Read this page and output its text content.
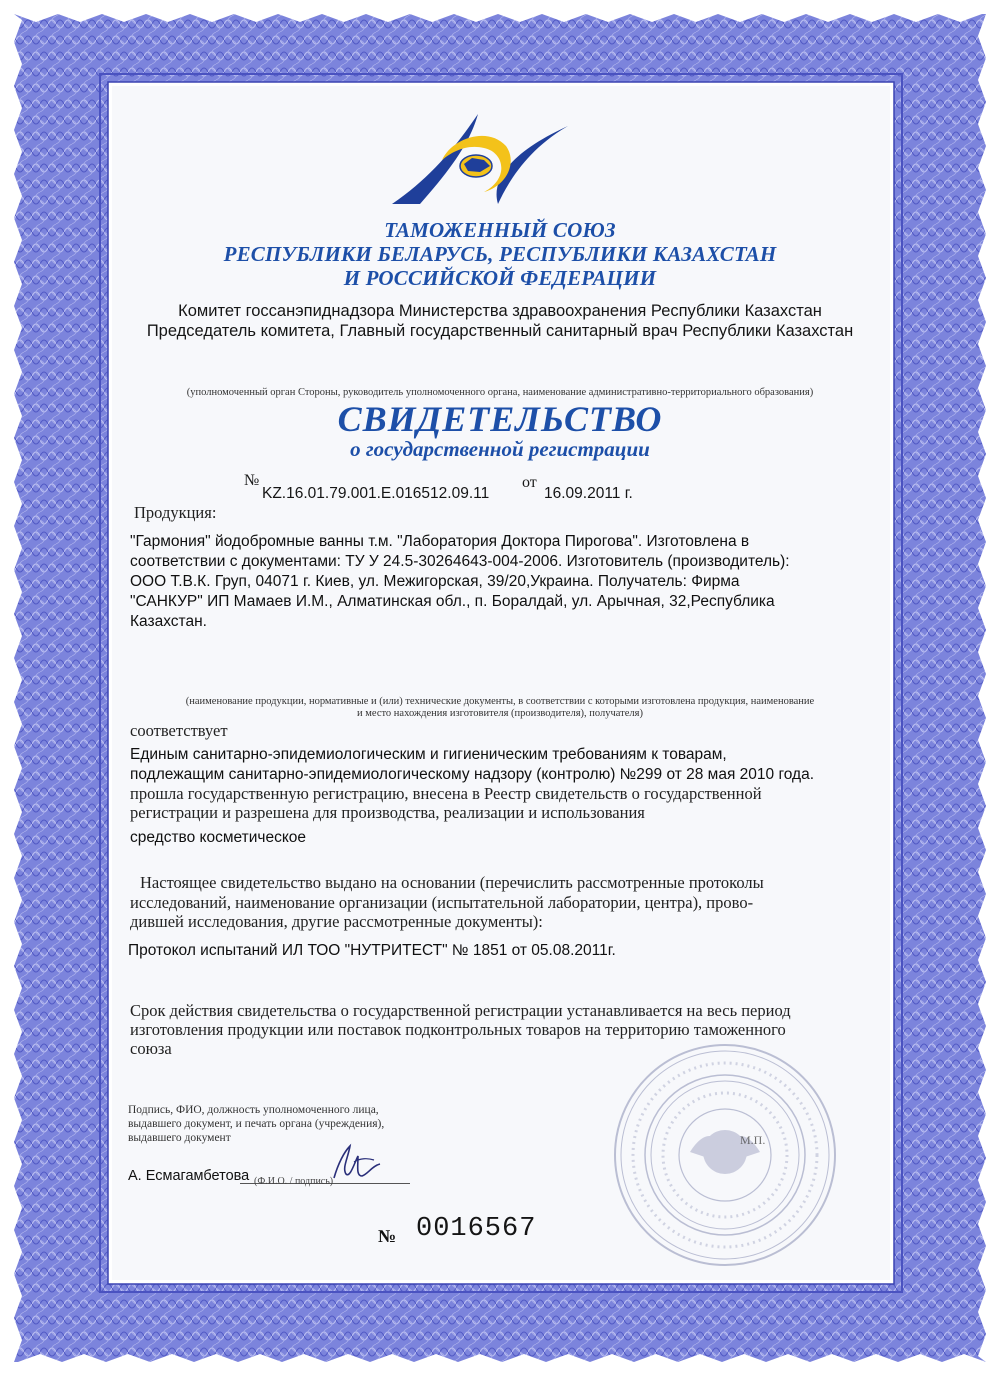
ТАМОЖЕННЫЙ СОЮЗ
РЕСПУБЛИКИ БЕЛАРУСЬ, РЕСПУБЛИКИ КАЗАХСТАН
И РОССИЙСКОЙ ФЕДЕРАЦИИ
Комитет госсанэпиднадзора Министерства здравоохранения Республики Казахстан
Председатель комитета, Главный государственный санитарный врач Республики Казахстан
(уполномоченный орган Стороны, руководитель уполномоченного органа, наименование административно-территориального образования)
СВИДЕТЕЛЬСТВО
о государственной регистрации
№
KZ.16.01.79.001.E.016512.09.11
от
16.09.2011 г.
Продукция:
"Гармония" йодобромные ванны т.м. "Лаборатория Доктора Пирогова". Изготовлена в
соответствии с документами: ТУ У 24.5-30264643-004-2006. Изготовитель (производитель):
ООО Т.В.К. Груп, 04071 г. Киев, ул. Межигорская, 39/20,Украина. Получатель: Фирма
"САНКУР" ИП Мамаев И.М., Алматинская обл., п. Боралдай, ул. Арычная, 32,Республика
Казахстан.
(наименование продукции, нормативные и (или) технические документы, в соответствии с которыми изготовлена продукция, наименование
и место нахождения изготовителя (производителя), получателя)
соответствует
Единым санитарно-эпидемиологическим и гигиеническим требованиям к товарам,
подлежащим санитарно-эпидемиологическому надзору (контролю) №299 от 28 мая 2010 года.
прошла государственную регистрацию, внесена в Реестр свидетельств о государственной
регистрации и разрешена для производства, реализации и использования
средство косметическое
Настоящее свидетельство выдано на основании (перечислить рассмотренные протоколы
исследований, наименование организации (испытательной лаборатории, центра), прово-
дившей исследования, другие рассмотренные документы):
Протокол испытаний ИЛ ТОО "НУТРИТЕСТ" № 1851 от 05.08.2011г.
Срок действия свидетельства о государственной регистрации устанавливается на весь период
изготовления продукции или поставок подконтрольных товаров на территорию таможенного
союза
Подпись, ФИО, должность уполномоченного лица,
выдавшего документ, и печать органа (учреждения),
выдавшего документ
А. Есмагамбетова (Ф.И.О. / подпись)
М.П.
№ 0016567
